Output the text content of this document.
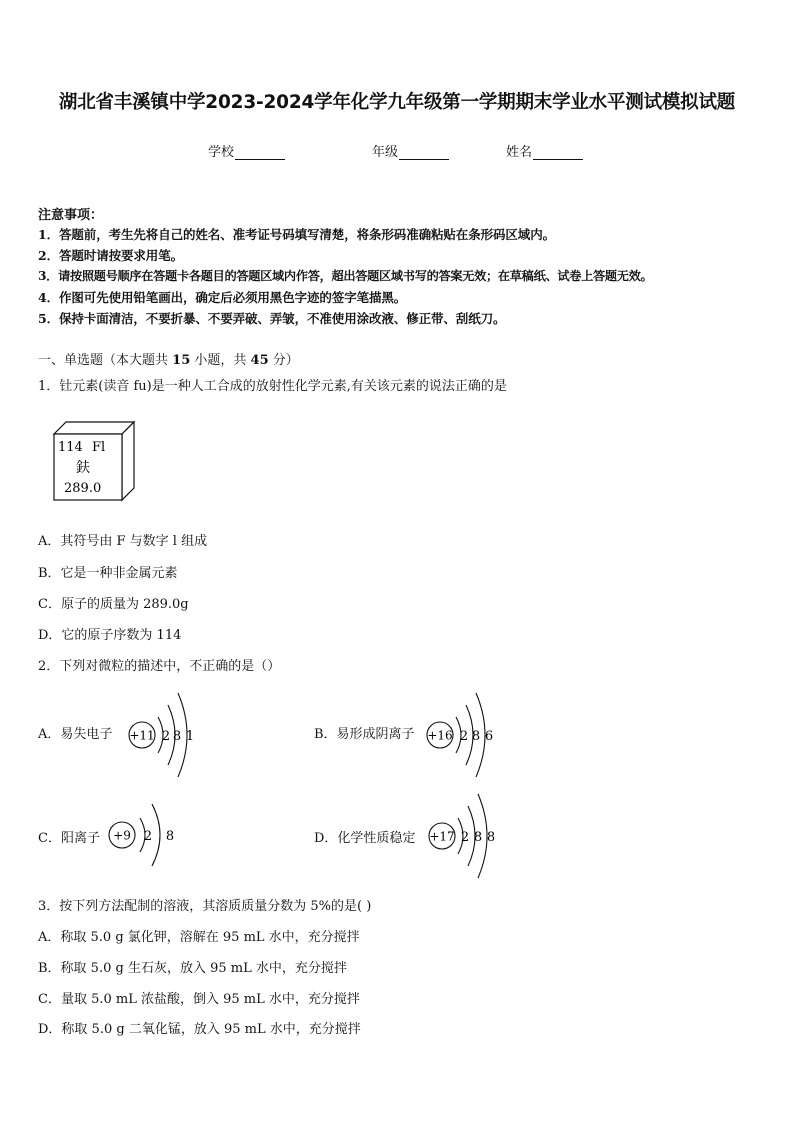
湖北省丰溪镇中学2023-2024学年化学九年级第一学期期末学业水平测试模拟试题
学校	年级	姓名
注意事项：
1．答题前，考生先将自己的姓名、准考证号码填写清楚，将条形码准确粘贴在条形码区域内。
2．答题时请按要求用笔。
3．请按照题号顺序在答题卡各题目的答题区域内作答，超出答题区域书写的答案无效；在草稿纸、试卷上答题无效。
4．作图可先使用铅笔画出，确定后必须用黑色字迹的签字笔描黑。
5．保持卡面清洁，不要折暴、不要弄破、弄皱，不准使用涂改液、修正带、刮纸刀。
一、单选题（本大题共 15 小题，共 45 分）
1．钍元素(读音 fu)是一种人工合成的放射性化学元素,有关该元素的说法正确的是
114 Fl
鈇
289.0
A．其符号由 F 与数字 l 组成
B．它是一种非金属元素
C．原子的质量为 289.0g
D．它的原子序数为 114
2．下列对微粒的描述中，不正确的是（）
A．易失电子 +11 2 8 1	B．易形成阴离子 +16 2 8 6
C．阳离子 +9 2 8	D．化学性质稳定 +17 2 8 8
3．按下列方法配制的溶液，其溶质质量分数为 5%的是( )
A．称取 5.0 g 氯化钾，溶解在 95 mL 水中，充分搅拌
B．称取 5.0 g 生石灰，放入 95 mL 水中，充分搅拌
C．量取 5.0 mL 浓盐酸，倒入 95 mL 水中，充分搅拌
D．称取 5.0 g 二氧化锰，放入 95 mL 水中，充分搅拌
